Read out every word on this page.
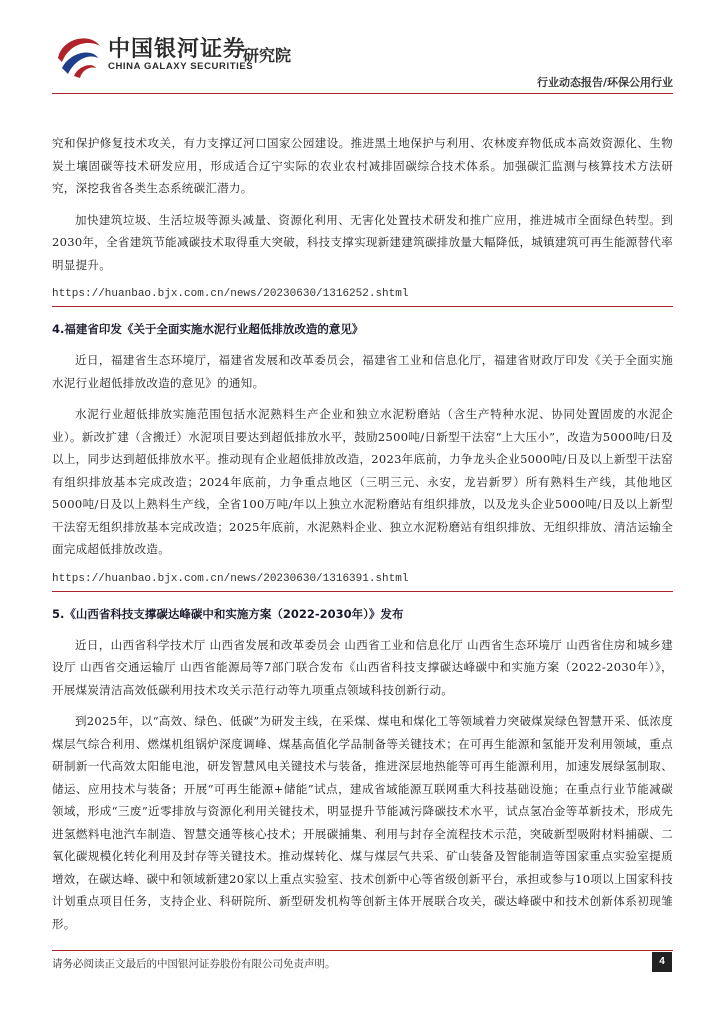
中国银河证券
CHINA GALAXY SECURITIES
研究院
行业动态报告/环保公用行业

究和保护修复技术攻关，有力支撑辽河口国家公园建设。推进黑土地保护与利用、农林废弃物低成本高效资源化、生物炭土壤固碳等技术研发应用，形成适合辽宁实际的农业农村减排固碳综合技术体系。加强碳汇监测与核算技术方法研究，深挖我省各类生态系统碳汇潜力。

加快建筑垃圾、生活垃圾等源头减量、资源化利用、无害化处置技术研发和推广应用，推进城市全面绿色转型。到2030年，全省建筑节能减碳技术取得重大突破，科技支撑实现新建建筑碳排放量大幅降低，城镇建筑可再生能源替代率明显提升。

https://huanbao.bjx.com.cn/news/20230630/1316252.shtml
4.福建省印发《关于全面实施水泥行业超低排放改造的意见》

近日，福建省生态环境厅，福建省发展和改革委员会，福建省工业和信息化厅，福建省财政厅印发《关于全面实施水泥行业超低排放改造的意见》的通知。

水泥行业超低排放实施范围包括水泥熟料生产企业和独立水泥粉磨站（含生产特种水泥、协同处置固废的水泥企业）。新改扩建（含搬迁）水泥项目要达到超低排放水平，鼓励2500吨/日新型干法窑“上大压小”，改造为5000吨/日及以上，同步达到超低排放水平。推动现有企业超低排放改造，2023年底前，力争龙头企业5000吨/日及以上新型干法窑有组织排放基本完成改造；2024年底前，力争重点地区（三明三元、永安，龙岩新罗）所有熟料生产线，其他地区5000吨/日及以上熟料生产线，全省100万吨/年以上独立水泥粉磨站有组织排放，以及龙头企业5000吨/日及以上新型干法窑无组织排放基本完成改造；2025年底前，水泥熟料企业、独立水泥粉磨站有组织排放、无组织排放、清洁运输全面完成超低排放改造。

https://huanbao.bjx.com.cn/news/20230630/1316391.shtml
5.《山西省科技支撑碳达峰碳中和实施方案（2022-2030年）》发布

近日，山西省科学技术厅 山西省发展和改革委员会 山西省工业和信息化厅 山西省生态环境厅 山西省住房和城乡建设厅 山西省交通运输厅 山西省能源局等7部门联合发布《山西省科技支撑碳达峰碳中和实施方案（2022-2030年）》，开展煤炭清洁高效低碳利用技术攻关示范行动等九项重点领域科技创新行动。

到2025年，以“高效、绿色、低碳”为研发主线，在采煤、煤电和煤化工等领域着力突破煤炭绿色智慧开采、低浓度煤层气综合利用、燃煤机组锅炉深度调峰、煤基高值化学品制备等关键技术；在可再生能源和氢能开发利用领域，重点研制新一代高效太阳能电池，研发智慧风电关键技术与装备，推进深层地热能等可再生能源利用，加速发展绿氢制取、储运、应用技术与装备；开展“可再生能源+储能”试点，建成省域能源互联网重大科技基础设施；在重点行业节能减碳领域，形成“三废”近零排放与资源化利用关键技术，明显提升节能减污降碳技术水平，试点氢冶金等革新技术，形成先进氢燃料电池汽车制造、智慧交通等核心技术；开展碳捕集、利用与封存全流程技术示范，突破新型吸附材料捕碳、二氧化碳规模化转化利用及封存等关键技术。推动煤转化、煤与煤层气共采、矿山装备及智能制造等国家重点实验室提质增效，在碳达峰、碳中和领域新建20家以上重点实验室、技术创新中心等省级创新平台，承担或参与10项以上国家科技计划重点项目任务，支持企业、科研院所、新型研发机构等创新主体开展联合攻关，碳达峰碳中和技术创新体系初现雏形。

请务必阅读正文最后的中国银河证券股份有限公司免责声明。	4
